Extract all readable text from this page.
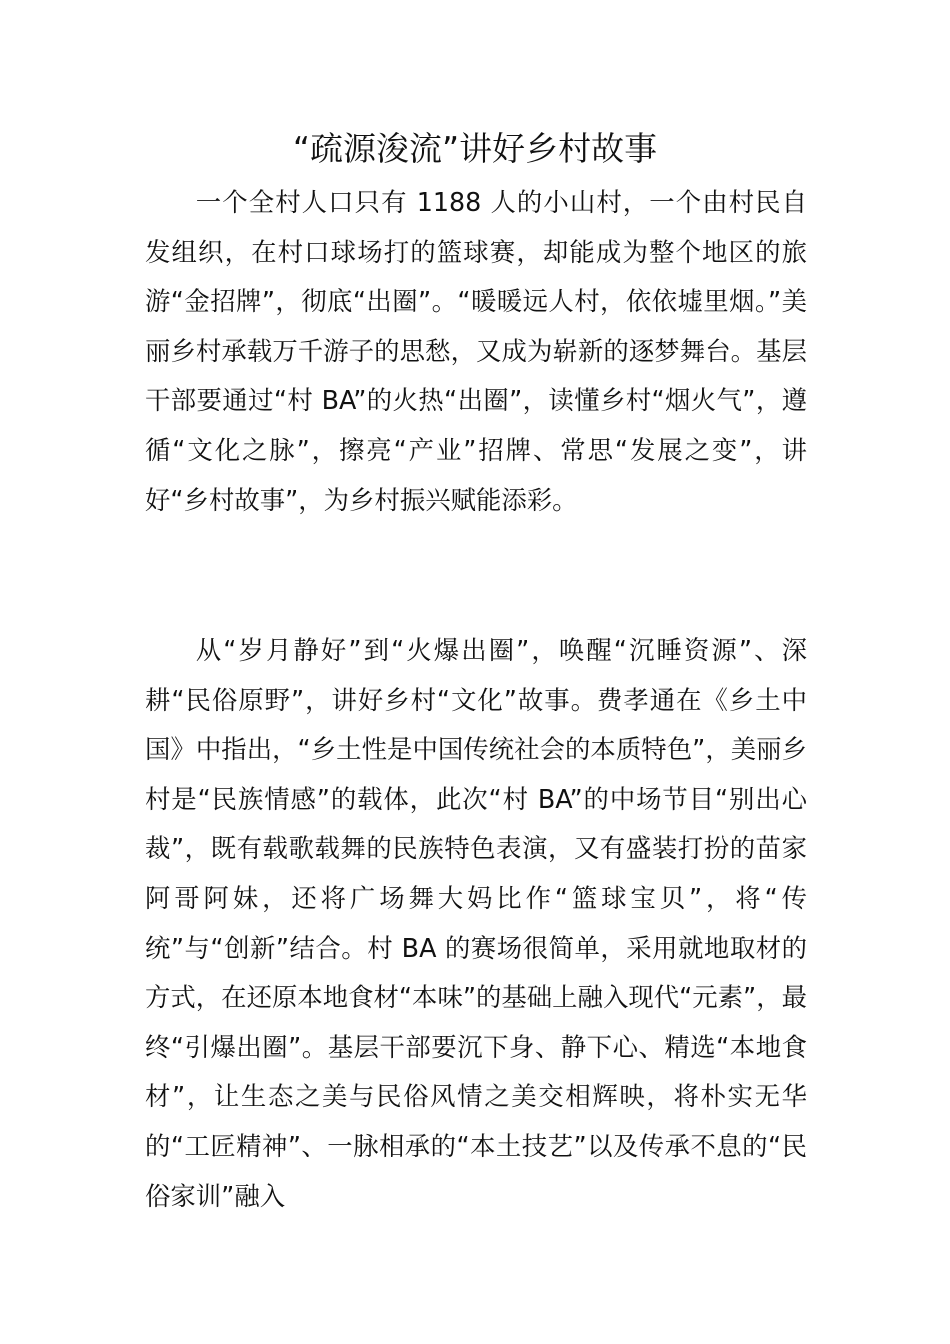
“疏源浚流”讲好乡村故事

一个全村人口只有 1188 人的小山村，一个由村民自发组织，在村口球场打的篮球赛，却能成为整个地区的旅游“金招牌”，彻底“出圈”。“暖暖远人村，依依墟里烟。”美丽乡村承载万千游子的思愁，又成为崭新的逐梦舞台。基层干部要通过“村 BA”的火热“出圈”，读懂乡村“烟火气”，遵循“文化之脉”，擦亮“产业”招牌、常思“发展之变”，讲好“乡村故事”，为乡村振兴赋能添彩。

从“岁月静好”到“火爆出圈”，唤醒“沉睡资源”、深耕“民俗原野”，讲好乡村“文化”故事。费孝通在《乡土中国》中指出，“乡土性是中国传统社会的本质特色”，美丽乡村是“民族情感”的载体，此次“村 BA”的中场节目“别出心裁”，既有载歌载舞的民族特色表演，又有盛装打扮的苗家阿哥阿妹，还将广场舞大妈比作“篮球宝贝”，将“传统”与“创新”结合。村 BA 的赛场很简单，采用就地取材的方式，在还原本地食材“本味”的基础上融入现代“元素”，最终“引爆出圈”。基层干部要沉下身、静下心、精选“本地食材”，让生态之美与民俗风情之美交相辉映，将朴实无华的“工匠精神”、一脉相承的“本土技艺”以及传承不息的“民俗家训”融入
